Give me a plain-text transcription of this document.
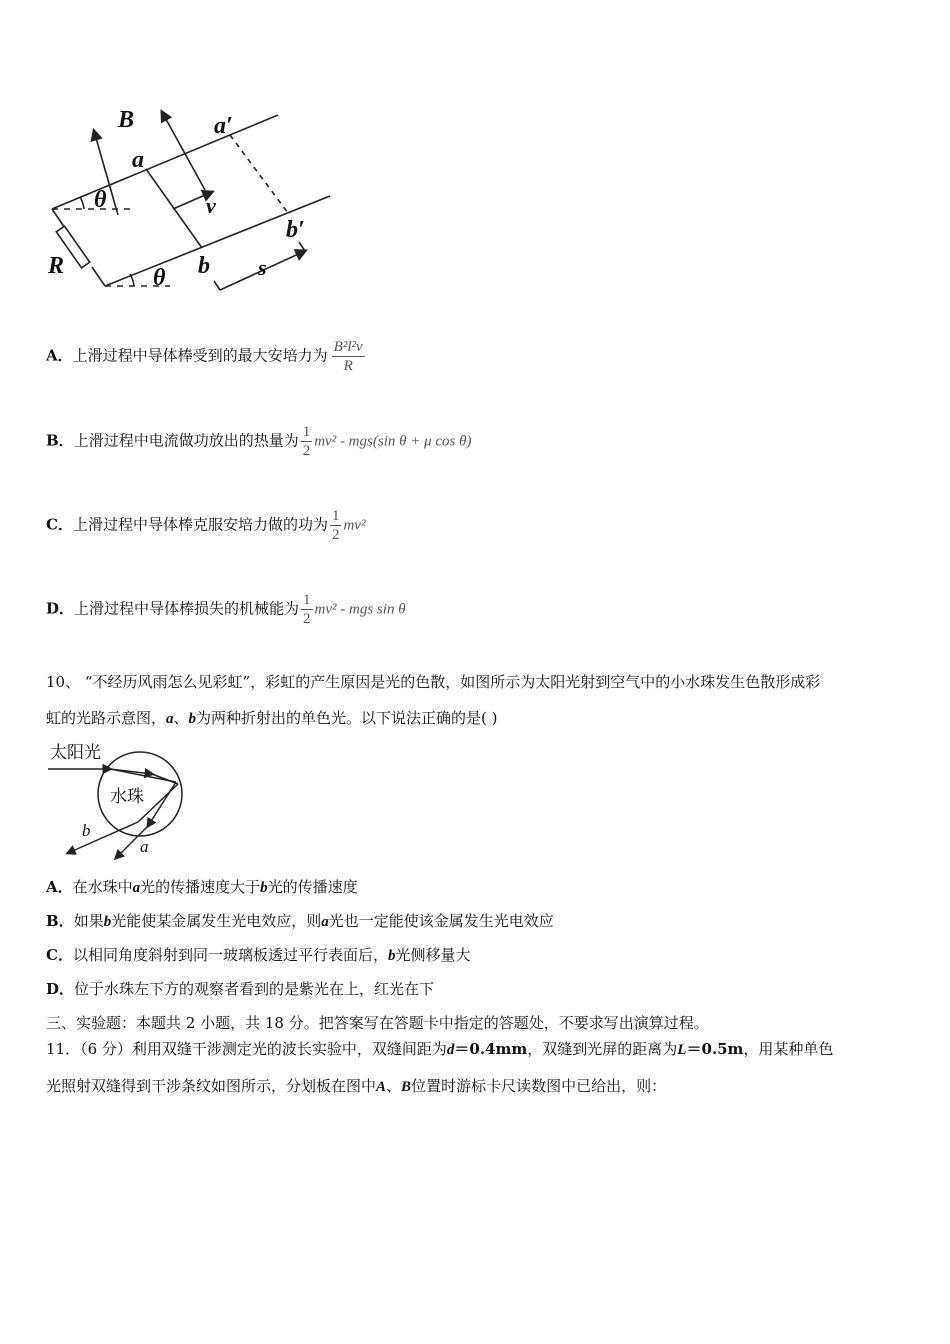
B	a′
a
θ	v
b′
R	b
θ	s
A．上滑过程中导体棒受到的最大安培力为 $\frac{\text{B²l²v}}{R}$
B．上滑过程中电流做功放出的热量为 $\frac{1}{2} mv^2 - mgs(\sin$ θ + μ cos θ)
C．上滑过程中导体棒克服安培力做的功为 $\frac{1}{2} mv^2$
D．上滑过程中导体棒损失的机械能为 $\frac{1}{2} mv^2$ - mgs sin θ
10、 “不经历风雨怎么见彩虹”，彩虹的产生原因是光的色散，如图所示为太阳光射到空气中的小水珠发生色散形成彩
虹的光路示意图，a、b为两种折射出的单色光。以下说法正确的是( )
太阳光
水珠
b
a
A．在水珠中a光的传播速度大于b光的传播速度
B．如果b光能使某金属发生光电效应，则a光也一定能使该金属发生光电效应
C．以相同角度斜射到同一玻璃板透过平行表面后，b光侧移量大
D．位于水珠左下方的观察者看到的是紫光在上，红光在下
三、实验题：本题共 2 小题，共 18 分。把答案写在答题卡中指定的答题处，不要求写出演算过程。
11．（6 分）利用双缝干涉测定光的波长实验中，双缝间距为d＝0.4mm，双缝到光屏的距离为L＝0.5m，用某种单色
光照射双缝得到干涉条纹如图所示，分划板在图中A、B位置时游标卡尺读数图中已给出，则：
